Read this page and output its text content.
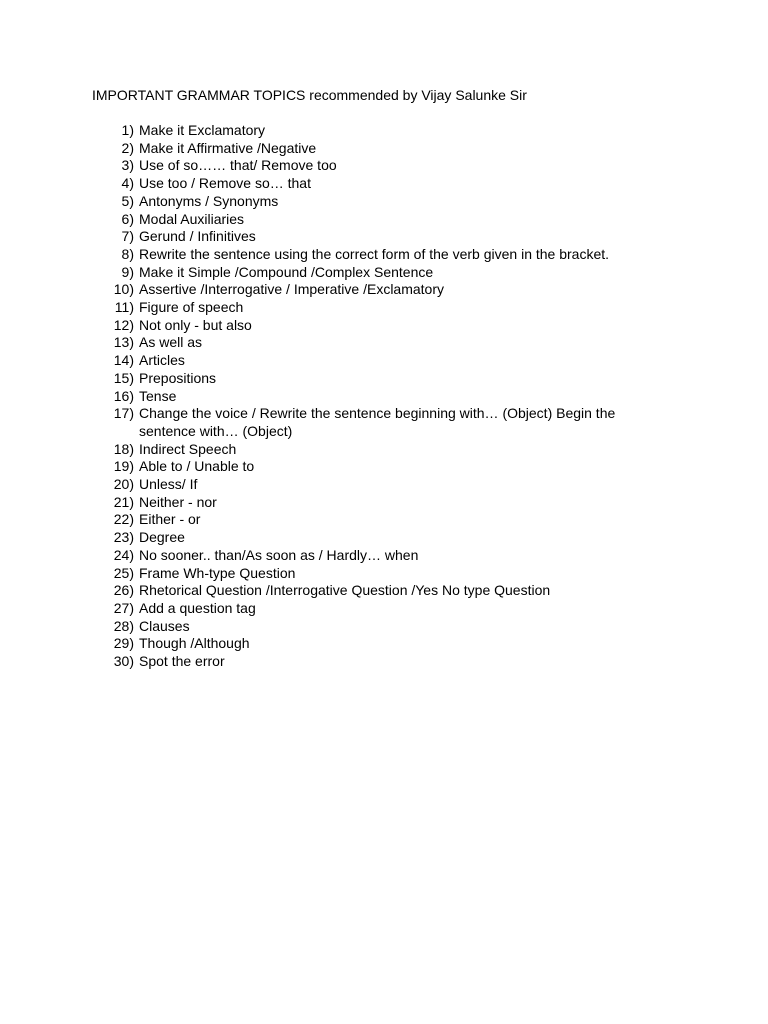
IMPORTANT GRAMMAR TOPICS recommended by Vijay Salunke Sir
1) Make it Exclamatory
2) Make it Affirmative /Negative
3) Use of so…… that/ Remove too
4) Use too / Remove so… that
5) Antonyms / Synonyms
6) Modal Auxiliaries
7) Gerund / Infinitives
8) Rewrite the sentence using the correct form of the verb given in the bracket.
9) Make it Simple /Compound /Complex Sentence
10) Assertive /Interrogative / Imperative /Exclamatory
11) Figure of speech
12) Not only - but also
13) As well as
14) Articles
15) Prepositions
16) Tense
17) Change the voice / Rewrite the sentence beginning with… (Object) Begin the sentence with… (Object)
18) Indirect Speech
19) Able to / Unable to
20) Unless/ If
21) Neither - nor
22) Either - or
23) Degree
24) No sooner.. than/As soon as / Hardly… when
25) Frame Wh-type Question
26) Rhetorical Question /Interrogative Question /Yes No type Question
27) Add a question tag
28) Clauses
29) Though /Although
30) Spot the error
